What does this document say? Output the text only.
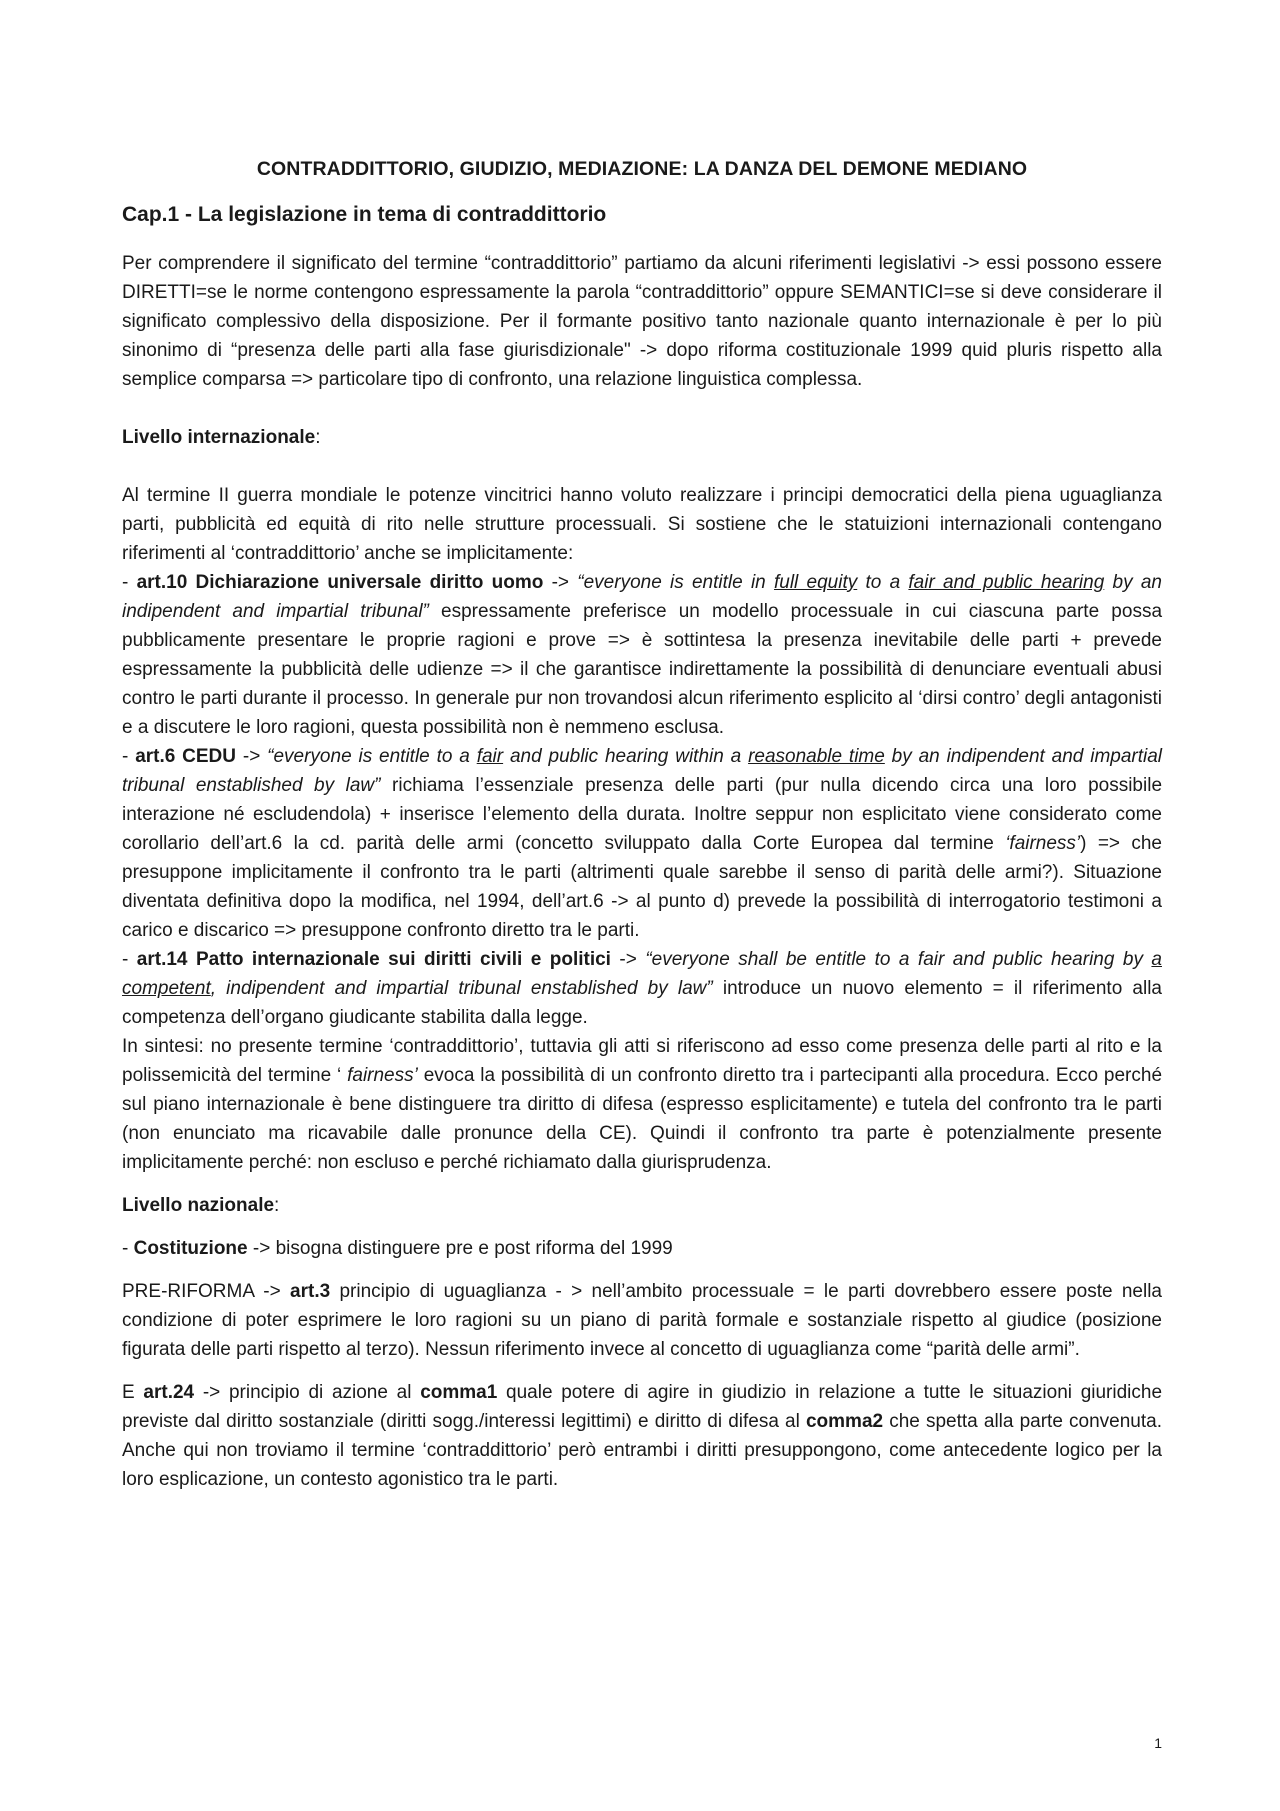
CONTRADDITTORIO, GIUDIZIO, MEDIAZIONE: LA DANZA DEL DEMONE MEDIANO
Cap.1 - La legislazione in tema di contraddittorio

Per comprendere il significato del termine “contraddittorio” partiamo da alcuni riferimenti legislativi -> essi possono essere DIRETTI=se le norme contengono espressamente la parola “contraddittorio” oppure SEMANTICI=se si deve considerare il significato complessivo della disposizione. Per il formante positivo tanto nazionale quanto internazionale è per lo più sinonimo di “presenza delle parti alla fase giurisdizionale" -> dopo riforma costituzionale 1999 quid pluris rispetto alla semplice comparsa => particolare tipo di confronto, una relazione linguistica complessa.

Livello internazionale:

Al termine II guerra mondiale le potenze vincitrici hanno voluto realizzare i principi democratici della piena uguaglianza parti, pubblicità ed equità di rito nelle strutture processuali. Si sostiene che le statuizioni internazionali contengano riferimenti al ‘contraddittorio’ anche se implicitamente:

- art.10 Dichiarazione universale diritto uomo -> “everyone is entitle in full equity to a fair and public hearing by an indipendent and impartial tribunal” espressamente preferisce un modello processuale in cui ciascuna parte possa pubblicamente presentare le proprie ragioni e prove => è sottintesa la presenza inevitabile delle parti + prevede espressamente la pubblicità delle udienze => il che garantisce indirettamente la possibilità di denunciare eventuali abusi contro le parti durante il processo. In generale pur non trovandosi alcun riferimento esplicito al ‘dirsi contro’ degli antagonisti e a discutere le loro ragioni, questa possibilità non è nemmeno esclusa.

- art.6 CEDU -> “everyone is entitle to a fair and public hearing within a reasonable time by an indipendent and impartial tribunal enstablished by law” richiama l’essenziale presenza delle parti (pur nulla dicendo circa una loro possibile interazione né escludendola) + inserisce l’elemento della durata. Inoltre seppur non esplicitato viene considerato come corollario dell’art.6 la cd. parità delle armi (concetto sviluppato dalla Corte Europea dal termine ‘fairness’) => che presuppone implicitamente il confronto tra le parti (altrimenti quale sarebbe il senso di parità delle armi?). Situazione diventata definitiva dopo la modifica, nel 1994, dell’art.6 -> al punto d) prevede la possibilità di interrogatorio testimoni a carico e discarico => presuppone confronto diretto tra le parti.

- art.14 Patto internazionale sui diritti civili e politici -> “everyone shall be entitle to a fair and public hearing by a competent, indipendent and impartial tribunal enstablished by law” introduce un nuovo elemento = il riferimento alla competenza dell’organo giudicante stabilita dalla legge.

In sintesi: no presente termine ‘contraddittorio’, tuttavia gli atti si riferiscono ad esso come presenza delle parti al rito e la polissemicità del termine ‘ fairness’ evoca la possibilità di un confronto diretto tra i partecipanti alla procedura. Ecco perché sul piano internazionale è bene distinguere tra diritto di difesa (espresso esplicitamente) e tutela del confronto tra le parti (non enunciato ma ricavabile dalle pronunce della CE). Quindi il confronto tra parte è potenzialmente presente implicitamente perché: non escluso e perché richiamato dalla giurisprudenza.

Livello nazionale:

- Costituzione -> bisogna distinguere pre e post riforma del 1999

PRE-RIFORMA -> art.3 principio di uguaglianza - > nell’ambito processuale = le parti dovrebbero essere poste nella condizione di poter esprimere le loro ragioni su un piano di parità formale e sostanziale rispetto al giudice (posizione figurata delle parti rispetto al terzo). Nessun riferimento invece al concetto di uguaglianza come “parità delle armi”.

E art.24 -> principio di azione al comma1 quale potere di agire in giudizio in relazione a tutte le situazioni giuridiche previste dal diritto sostanziale (diritti sogg./interessi legittimi) e diritto di difesa al comma2 che spetta alla parte convenuta. Anche qui non troviamo il termine ‘contraddittorio’ però entrambi i diritti presuppongono, come antecedente logico per la loro esplicazione, un contesto agonistico tra le parti.

1
